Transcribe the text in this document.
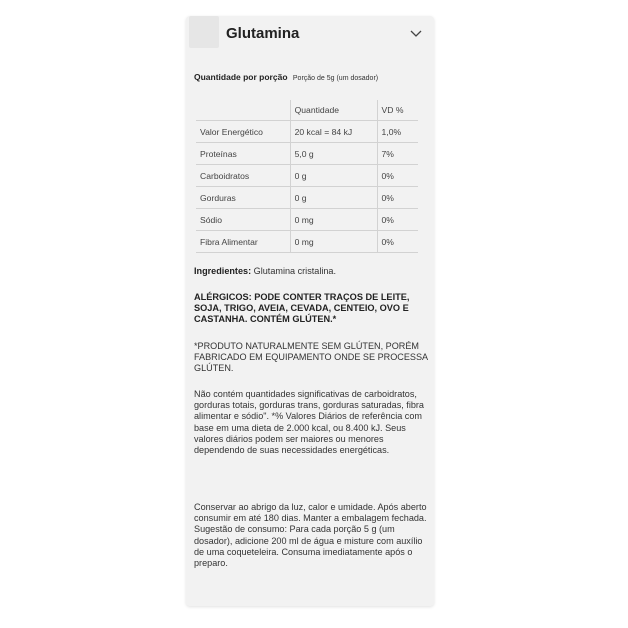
Glutamina
Quantidade por porção Porção de 5g (um dosador)
	Quantidade	VD %
Valor Energético	20 kcal = 84 kJ	1,0%
Proteínas	5,0 g	7%
Carboidratos	0 g	0%
Gorduras	0 g	0%
Sódio	0 mg	0%
Fibra Alimentar	0 mg	0%
Ingredientes: Glutamina cristalina.
ALÉRGICOS: PODE CONTER TRAÇOS DE LEITE, SOJA, TRIGO, AVEIA, CEVADA, CENTEIO, OVO E CASTANHA. CONTÉM GLÚTEN.*
*PRODUTO NATURALMENTE SEM GLÚTEN, PORÉM FABRICADO EM EQUIPAMENTO ONDE SE PROCESSA GLÚTEN.
Não contém quantidades significativas de carboidratos, gorduras totais, gorduras trans, gorduras saturadas, fibra alimentar e sódio". *% Valores Diários de referência com base em uma dieta de 2.000 kcal, ou 8.400 kJ. Seus valores diários podem ser maiores ou menores dependendo de suas necessidades energéticas.
Conservar ao abrigo da luz, calor e umidade. Após aberto consumir em até 180 dias. Manter a embalagem fechada. Sugestão de consumo: Para cada porção 5 g (um dosador), adicione 200 ml de água e misture com auxílio de uma coqueteleira. Consuma imediatamente após o preparo.
